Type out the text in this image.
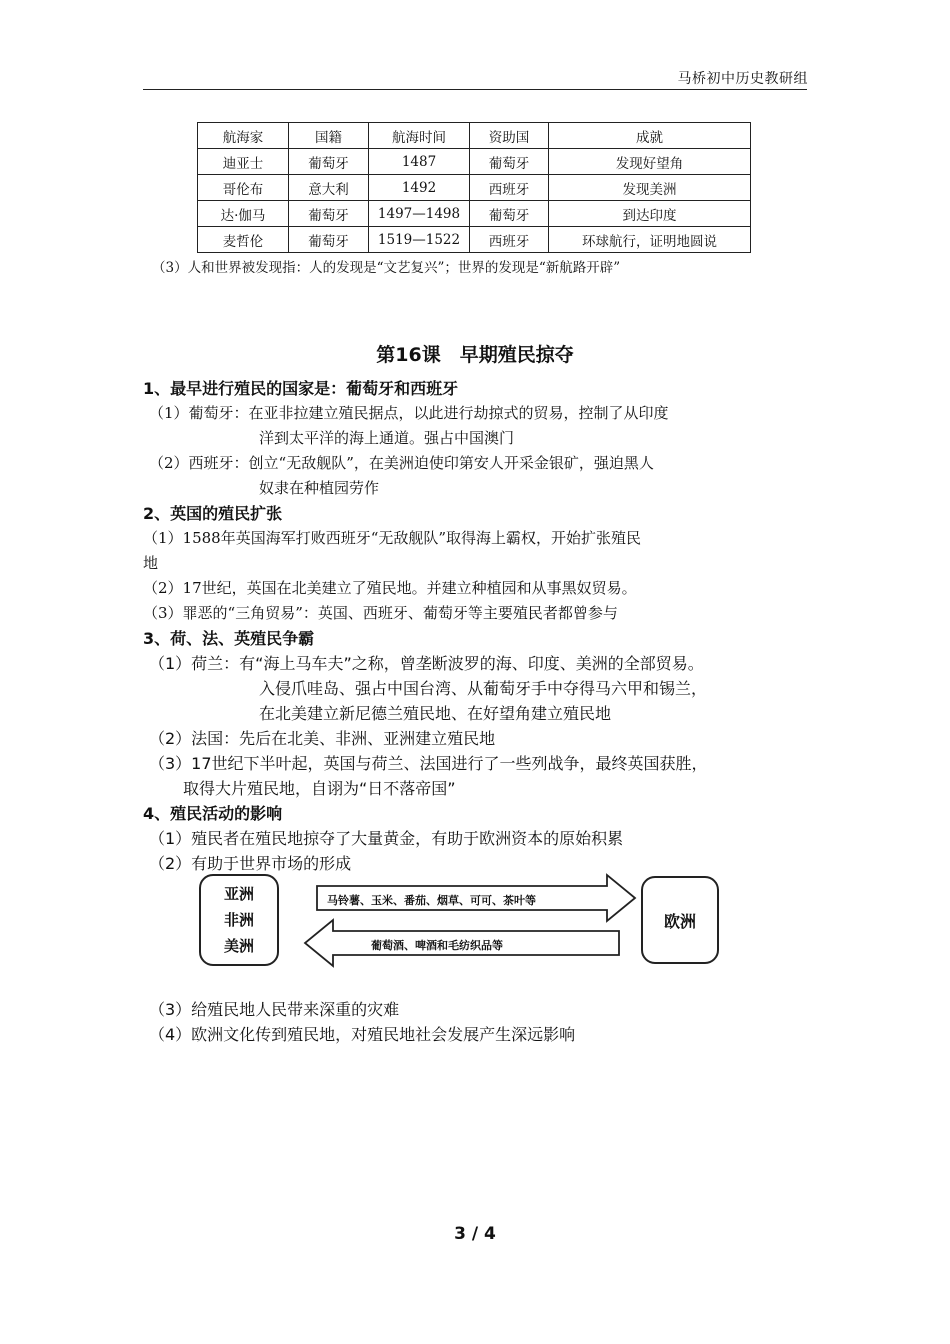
马桥初中历史教研组
航海家	国籍	航海时间	资助国	成就
迪亚士	葡萄牙	1487	葡萄牙	发现好望角
哥伦布	意大利	1492	西班牙	发现美洲
达·伽马	葡萄牙	1497—1498	葡萄牙	到达印度
麦哲伦	葡萄牙	1519—1522	西班牙	环球航行，证明地圆说
（3）人和世界被发现指：人的发现是“文艺复兴”；世界的发现是“新航路开辟”
第16课　早期殖民掠夺
1、最早进行殖民的国家是：葡萄牙和西班牙
（1）葡萄牙：在亚非拉建立殖民据点，以此进行劫掠式的贸易，控制了从印度
洋到太平洋的海上通道。强占中国澳门
（2）西班牙：创立“无敌舰队”，在美洲迫使印第安人开采金银矿，强迫黑人
奴隶在种植园劳作
2、英国的殖民扩张
（1）1588年英国海军打败西班牙“无敌舰队”取得海上霸权，开始扩张殖民
地
（2）17世纪，英国在北美建立了殖民地。并建立种植园和从事黑奴贸易。
（3）罪恶的“三角贸易”：英国、西班牙、葡萄牙等主要殖民者都曾参与
3、荷、法、英殖民争霸
（1）荷兰：有“海上马车夫”之称，曾垄断波罗的海、印度、美洲的全部贸易。
入侵爪哇岛、强占中国台湾、从葡萄牙手中夺得马六甲和锡兰，
在北美建立新尼德兰殖民地、在好望角建立殖民地
（2）法国：先后在北美、非洲、亚洲建立殖民地
（3）17世纪下半叶起，英国与荷兰、法国进行了一些列战争，最终英国获胜，
取得大片殖民地，自诩为“日不落帝国”
4、殖民活动的影响
（1）殖民者在殖民地掠夺了大量黄金，有助于欧洲资本的原始积累
（2）有助于世界市场的形成
（3）给殖民地人民带来深重的灾难
（4）欧洲文化传到殖民地，对殖民地社会发展产生深远影响
亚洲
非洲
美洲
马铃薯、玉米、番茄、烟草、可可、茶叶等
葡萄酒、啤酒和毛纺织品等
欧洲
3 / 4
